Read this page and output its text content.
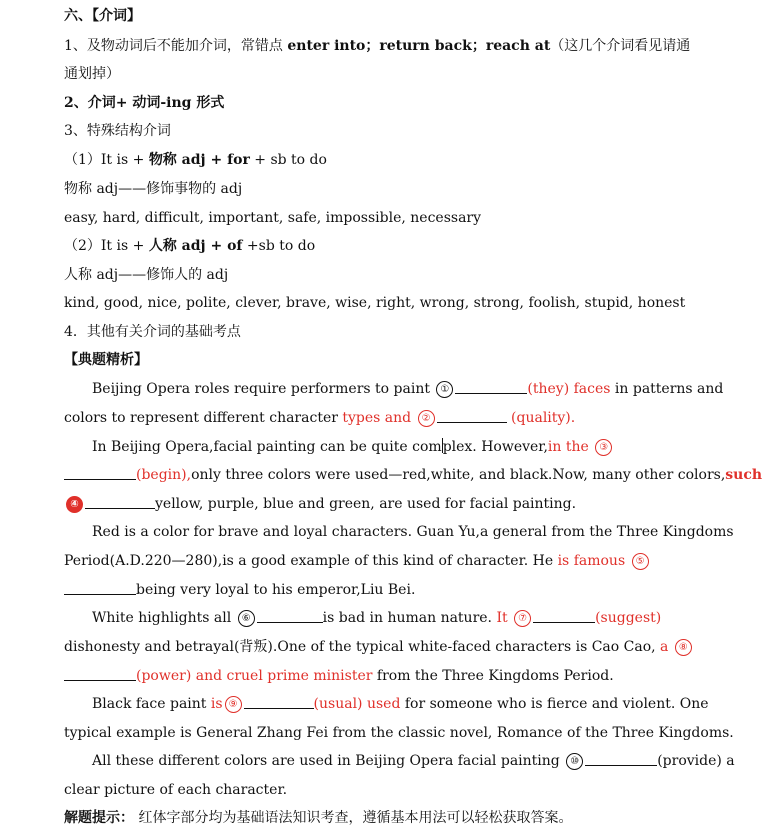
六、【介词】
1、及物动词后不能加介词，常错点 enter into；return back；reach at（这几个介词看见请通
通划掉）
2、介词+ 动词-ing 形式
3、特殊结构介词
（1）It is + 物称 adj + for + sb to do
物称 adj——修饰事物的 adj
easy, hard, difficult, important, safe, impossible, necessary
（2）It is + 人称 adj + of +sb to do
人称 adj——修饰人的 adj
kind, good, nice, polite, clever, brave, wise, right, wrong, strong, foolish, stupid, honest
4．其他有关介词的基础考点
【典题精析】
Beijing Opera roles require performers to paint ①	(they) faces in patterns and
colors to represent different character types and ②	(quality).
In Beijing Opera,facial painting can be quite complex. However,in the ③
(begin),only three colors were used—red,white, and black.Now, many other colors,such
④	yellow, purple, blue and green, are used for facial painting.
Red is a color for brave and loyal characters. Guan Yu,a general from the Three Kingdoms
Period(A.D.220—280),is a good example of this kind of character. He is famous ⑤
being very loyal to his emperor,Liu Bei.
White highlights all ⑥	is bad in human nature. It ⑦	(suggest)
dishonesty and betrayal(背叛).One of the typical white-faced characters is Cao Cao, a ⑧
(power) and cruel prime minister from the Three Kingdoms Period.
Black face paint is ⑨	(usual) used for someone who is fierce and violent. One
typical example is General Zhang Fei from the classic novel, Romance of the Three Kingdoms.
All these different colors are used in Beijing Opera facial painting ⑩	(provide) a
clear picture of each character.
解题提示： 红体字部分均为基础语法知识考查，遵循基本用法可以轻松获取答案。
